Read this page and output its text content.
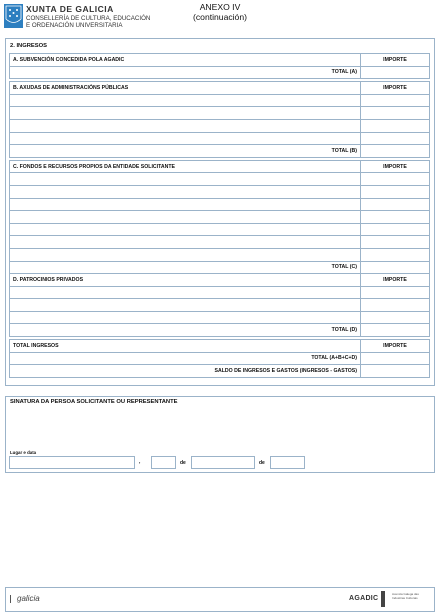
XUNTA DE GALICIA
CONSELLERÍA DE CULTURA, EDUCACIÓN
E ORDENACIÓN UNIVERSITARIA
ANEXO IV
(continuación)
2. INGRESOS
A. SUBVENCIÓN CONCEDIDA POLA AGADIC	IMPORTE
TOTAL (A)	

B. AXUDAS DE ADMINISTRACIÓNS PÚBLICAS	IMPORTE

TOTAL (B)	

C. FONDOS E RECURSOS PROPIOS DA ENTIDADE SOLICITANTE	IMPORTE

TOTAL (C)	
D. PATROCINIOS PRIVADOS	IMPORTE

TOTAL (D)	

TOTAL INGRESOS	IMPORTE
TOTAL (A+B+C+D)	
SALDO DE INGRESOS E GASTOS (INGRESOS - GASTOS)	
SINATURA DA PERSOA SOLICITANTE OU REPRESENTANTE
Lugar e data
,	de	de
galicia	AGADIC
Axencia Galega das Industrias Culturais
